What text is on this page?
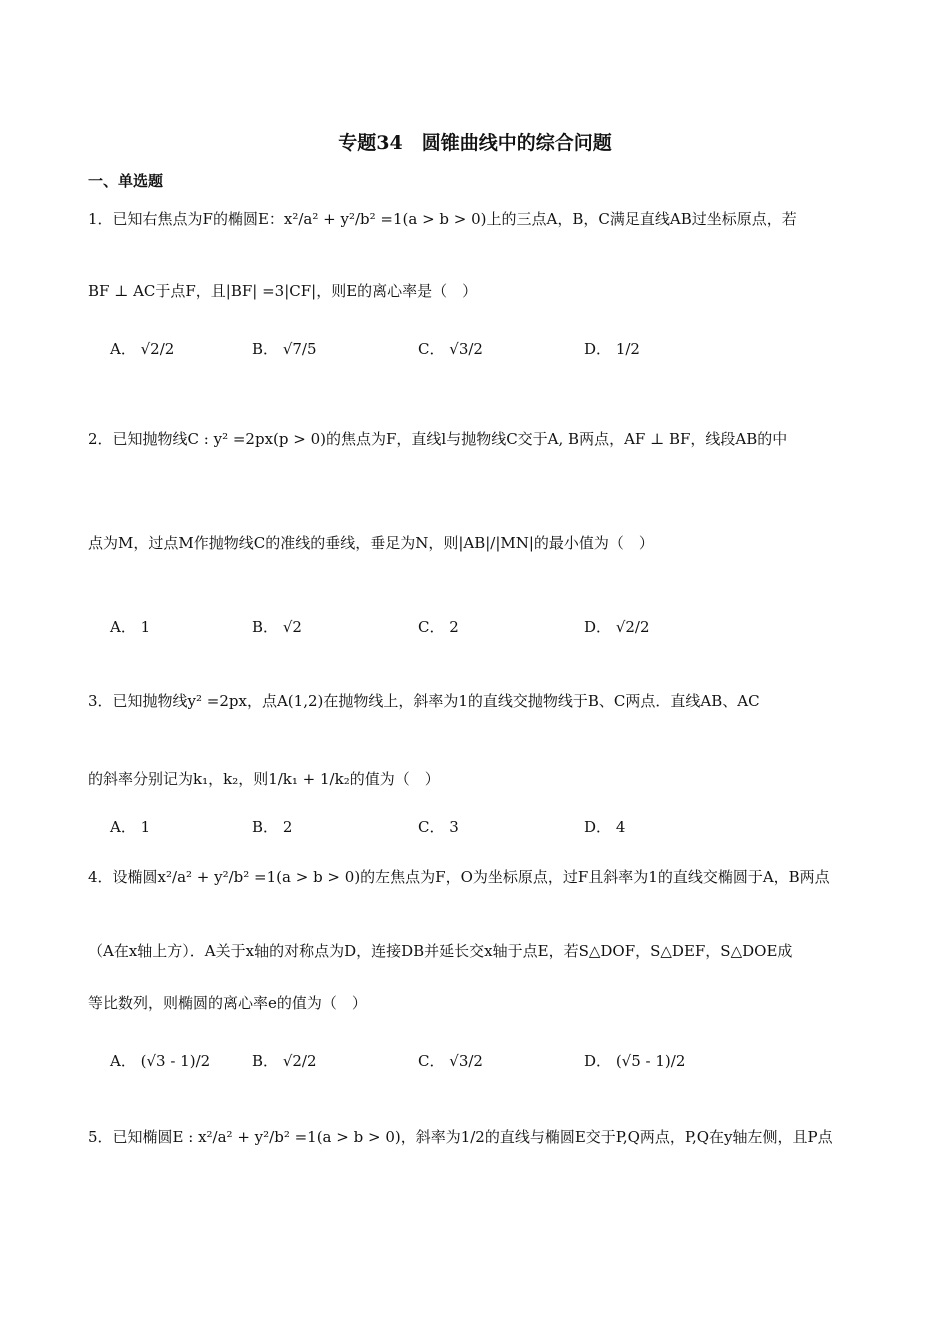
专题34　圆锥曲线中的综合问题
一、单选题
1．已知右焦点为F的椭圆E：x²/a² + y²/b² =1(a > b > 0)上的三点A，B，C满足直线AB过坐标原点，若
BF ⊥ AC于点F，且|BF| =3|CF|，则E的离心率是（　）
A． √2/2	B． √7/5	C． √3/2	D． 1/2
2．已知抛物线C : y² =2px(p > 0)的焦点为F，直线l与抛物线C交于A, B两点，AF ⊥ BF，线段AB的中
点为M，过点M作抛物线C的准线的垂线，垂足为N，则|AB|/|MN|的最小值为（　）
A． 1	B． √2	C． 2	D． √2/2
3．已知抛物线y² =2px，点A(1,2)在抛物线上，斜率为1的直线交抛物线于B、C两点．直线AB、AC
的斜率分别记为k₁，k₂，则1/k₁ + 1/k₂的值为（　）
A． 1	B． 2	C． 3	D． 4
4．设椭圆x²/a² + y²/b² =1(a > b > 0)的左焦点为F，O为坐标原点，过F且斜率为1的直线交椭圆于A，B两点
（A在x轴上方）．A关于x轴的对称点为D，连接DB并延长交x轴于点E，若S△DOF，S△DEF，S△DOE成
等比数列，则椭圆的离心率e的值为（　）
A． (√3 - 1)/2	B． √2/2	C． √3/2	D． (√5 - 1)/2
5．已知椭圆E : x²/a² + y²/b² =1(a > b > 0)，斜率为1/2的直线与椭圆E交于P,Q两点，P,Q在y轴左侧，且P点
